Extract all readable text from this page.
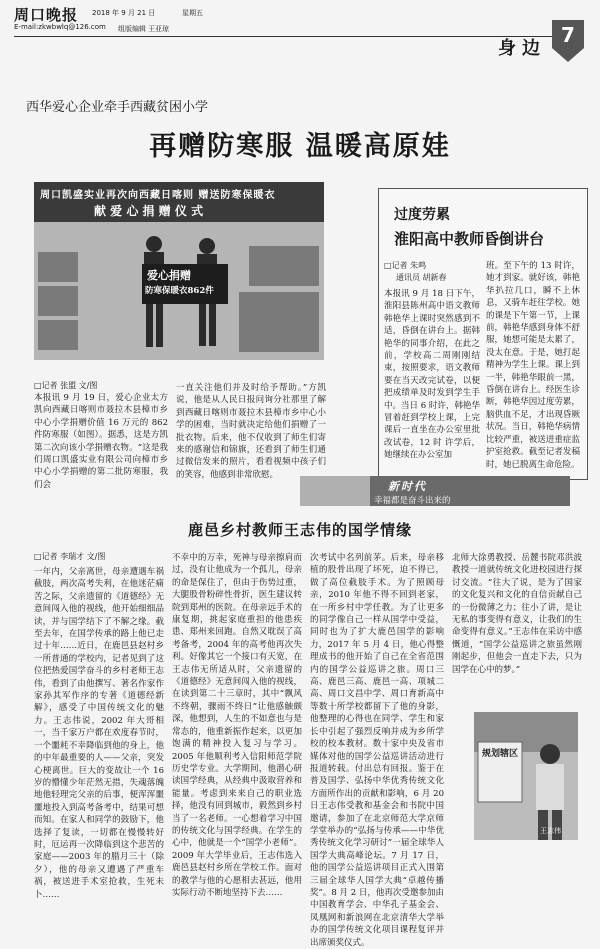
周口晚报
E-mail:zkwbwlq@126.com
2018 年 9 月 21 日	星期五
组版编辑 王亚琼
身边
7
西华爱心企业牵手西藏贫困小学
再赠防寒服 温暖高原娃
周口凯盛实业再次向西藏日喀则 赠送防寒保暖衣
献 爱 心 捐 赠 仪 式
爱心捐赠
防寒保暖衣862件
□记者 张盟 文/图
本报讯 9 月 19 日，爱心企业太方凯向西藏日喀则市聂拉木县樟市乡中心小学捐赠价值 16 万元的 862 件防寒服（如图）。据悉，这是方凯第二次向该小学捐赠衣物。“这是我们周口凯盛实业有限公司向樟市乡中心小学捐赠的第二批防寒服，我们会
一直关注他们并及时给予帮助。”方凯说，他是从人民日报问询分社那里了解到西藏日喀则市聂拉木县樟市乡中心小学的困难，当时就决定给他们捐赠了一批衣物。后来，他不仅收到了师生们寄来的感谢信和锦旗，还看到了师生们通过微信发来的照片，看看视频中孩子们的笑容，他感到非常欣慰。
过度劳累
淮阳高中教师昏倒讲台
□记者 朱鸣
通讯员 胡新春
本报讯 9 月 18 日下午，淮阳县陈州高中语文教师韩艳华上课时突然感到不适，昏倒在讲台上。据韩艳华的同事介绍，在此之前，学校高二周刚刚结束，按照要求，语文教师要在当天改完试卷，以便把成绩单及时发到学生手中。当日 6 时许，韩艳华冒着赶到学校上课，上完课后一直坐在办公室里批改试卷，12 时 许学后，她继续在办公室加
班。至下午的 13 时许，她才到家。就好该，韩艳华扒拉几口，瞬不上休息，又骑车赶往学校。她的课是下午第一节，上课前，韩艳华感到身体不舒服，她想可能是太累了，没太在意。于是，她打起精神为学生上课。课上到一半，韩艳华眼前一黑，昏倒在讲台上。经医生诊断，韩艳华因过度劳累，脑供血不足，才出现昏厥状况。当日，韩艳华病情比较严重，被送进重症监护室抢救。截至记者发稿时，她已脱离生命危险。
新时代
幸福都是奋斗出来的
鹿邑乡村教师王志伟的国学情缘
□记者 李瑞才 文/图
一年内，父亲离世，母亲遭遇车祸截肢，两次高考失利，在他迷茫痛苦之际，父亲遗留的《道德经》无意间闯入他的视线，他开始细细品读，并与国学结下了不解之缘。截至去年，在国学传承的路上他已走过十年……近日，在鹿邑县赵村乡一所普通的学校内，记者见到了这位把热爱国学奋斗的乡村老师王志伟，看到了由他撰写、著名作家作家孙其军作序的专著《道德经新解》，感受了中国传统文化的魅力。王志伟说，2002 年大哥相一，当千家万户都在欢度春节时，一个噩耗不幸降临到他的身上，他的中年最重要的人——父亲，突发心梗离世。巨大的变故让一个 16 岁的懵懂少年茫然无措，失魂落魄地他轻理完父亲的后事，便浑浑噩噩地投入到高考备考中，结果可想而知。在家人和同学的鼓励下，他选择了复读，一切都在慢慢转好时，厄运再一次降临到这个悲苦的家庭——2003 年的腊月三十（除夕），他的母亲又遭遇了严重车祸，被送进手术室抢救，生死未卜……
不幸中的万幸，死神与母亲擦肩而过，没有让他成为一个孤儿，母亲的命是保住了，但由于伤势过重，大腿股骨粉碎性骨折，医生建议转院到郑州的医院。在母亲远手术的康复期，挑起家庭重担的他患疾患、郑州来回跑。自然又耽误了高考备考，2004 年的高考他再次失利。好像其它一个接口有天宽，在王志伟无所适从时，父亲遗留的《道德经》无意间闯入他的视线，在读到第二十三章时，其中“飘风不终朝，骤雨不终日”让他感触颇深，他想到，人生的不如意也与是常态的，他重新振作起来，以更加饱满的精神投入复习与学习。2005 年他顺利考入信阳师范学院历史学专业。大学期间，他潜心研读国学经典，从经典中汲取营养和能量。考虑到来来自己的职业选择，他没有回到城市，毅然到乡村当了一名老师。一心想着学习中国的传统文化与国学经典。在学生的心中，他就是一个“国学小老师”。2009 年大学毕业后，王志伟选入鹿邑县赵村乡所在学校工作。面对的教学与他的心愿相去甚远，他用实际行动不断地坚持下去……
次考试中名列前茅。后来，母亲移植的股骨出现了坏死，迫不得已，做了高位截肢手术。为了照顾母亲，2010 年他不得不回到老家，在一所乡村中学任教。为了让更多的同学像自己一样从国学中受益，同时也为了扩大鹿邑国学的影响力，2017 年 5 月 4 日，他心得整理成书的他开始了自己在全省范围内的国学公益巡讲之旅。周口三高、鹿邑三高、鹿邑一高、项城二高、周口文昌中学、周口育新高中等数十所学校都留下了他的身影，他整理的心得也在同学、学生和家长中引起了强烈反响并成为乡所学校的校本教材。数十家中央及省市媒体对他的国学公益巡讲活动进行报道转载。付出总有回报。鉴于在普及国学、弘扬中华优秀传统文化方面所作出的贡献和影响，6 月 20 日王志伟受教和基金会和书院中国邀请，参加了在北京师范大学京师学堂举办的“弘扬与传承——中华优秀传统文化学习研讨”一届全球华人国学大典高峰论坛。7 月 17 日，他的国学公益巡讲项目正式入围第三届全球华人国学大典“卓越传播奖”。8 月 2 日，他再次受邀参加由中国教育学会、中华孔子基金会、凤凰网和新浪网在北京清华大学举办的国学传统文化项目课程复评并出席颁奖仪式。
北师大徐勇教授、岳麓书院邓洪波教授一道就传统文化进校园进行探讨交流。“往大了说，是为了国家的文化复兴和文化的自信贡献自己的一份微薄之力；往小了讲，是让无私的事变得有意义，让我们的生命变得有意义。”王志伟在采访中感慨道，“国学公益巡讲之旅虽然刚刚起步，但他会一直走下去，只为国学在心中的梦。”
规划辖区
王志伟
